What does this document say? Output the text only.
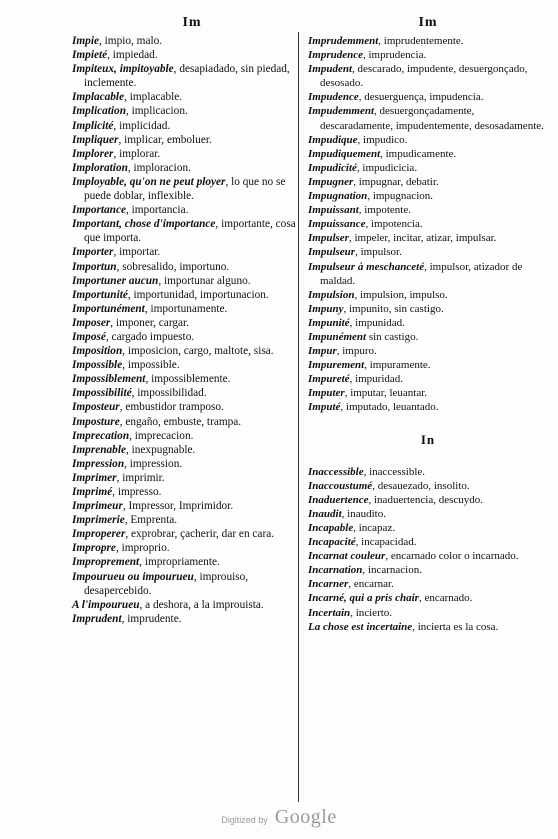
Im

Impie, impio, malo.

Impieté, impiedad.

Impiteux, impitoyable, desapiadado, sin piedad, inclemente.

Implacable, implacable.

Implication, implicacion.

Implicité, implicidad.

Impliquer, implicar, emboluer.

Implorer, implorar.

Imploration, imploracion.

Imployable, qu'on ne peut ployer, lo que no se puede doblar, inflexible.

Importance, importancia.

Important, chose d'importance, importante, cosa que importa.

Importer, importar.

Importun, sobresalido, importuno.

Importuner aucun, importunar alguno.

Importunité, importunidad, importunacion.

Importunément, importunamente.

Imposer, imponer, cargar.

Imposé, cargado impuesto.

Imposition, imposicion, cargo, maltote, sisa.

Impossible, impossible.

Impossiblement, impossiblemente.

Impossibilité, impossibilidad.

Imposteur, embustidor tramposo.

Imposture, engaño, embuste, trampa.

Imprecation, imprecacion.

Imprenable, inexpugnable.

Impression, impression.

Imprimer, imprimir.

Imprimé, impresso.

Imprimeur, Impressor, Imprimidor.

Imprimerie, Emprenta.

Improperer, exprobrar, çacherir, dar en cara.

Impropre, improprio.

Improprement, impropriamente.

Impourueu ou impourueu, improuiso, desapercebido.

A l'impourueu, a deshora, a la improuista.

Imprudent, imprudente.

Im

Imprudemment, imprudentemente.

Imprudence, imprudencia.

Impudent, descarado, impudente, desuergonçado, desosado.

Impudence, desuerguença, impudencia.

Impudemment, desuergonçadamente, descaradamente, impudentemente, desosadamente.

Impudique, impudico.

Impudiquement, impudicamente.

Impudicité, impudicicia.

Impugner, impugnar, debatir.

Impugnation, impugnacion.

Impuissant, impotente.

Impuissance, impotencia.

Impulser, impeler, incitar, atizar, impulsar.

Impulseur, impulsor.

Impulseur à meschanceté, impulsor, atizador de maldad.

Impulsion, impulsion, impulso.

Impuny, impunito, sin castigo.

Impunité, impunidad.

Impunément sin castigo.

Impur, impuro.

Impurement, impuramente.

Impureté, impuridad.

Imputer, imputar, leuantar.

Imputé, imputado, leuantado.

In

Inaccessible, inaccessible.

Inaccoustumé, desauezado, insolito.

Inaduertence, inaduertencia, descuydo.

Inaudit, inaudito.

Incapable, incapaz.

Incapacité, incapacidad.

Incarnat couleur, encarnado color o incarnado.

Incarnation, incarnacion.

Incarner, encarnar.

Incarné, qui a pris chair, encarnado.

Incertain, incierto.

La chose est incertaine, incierta es la cosa.

Digitized by Google
